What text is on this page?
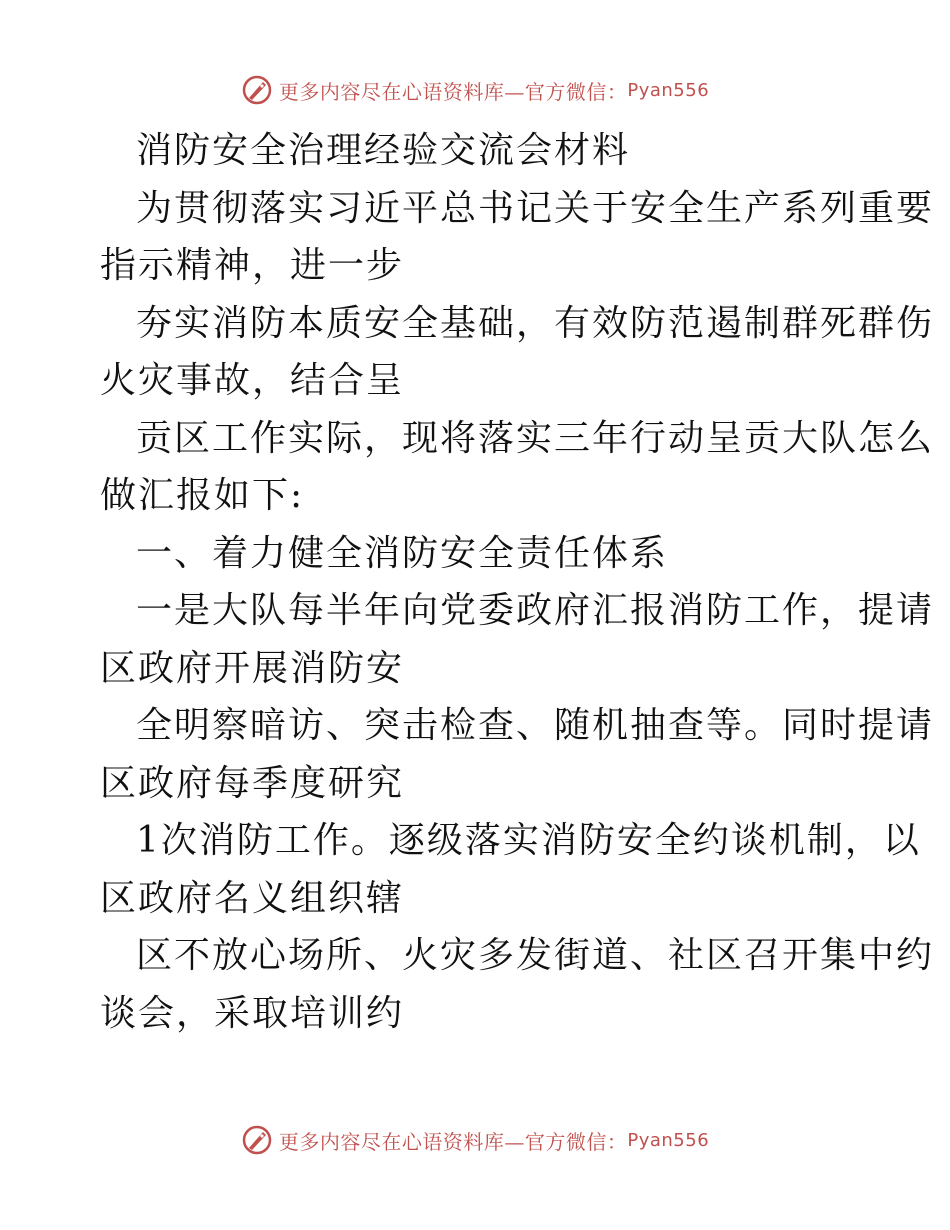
更多内容尽在心语资料库—官方微信： Pyan556
消防安全治理经验交流会材料
为贯彻落实习近平总书记关于安全生产系列重要
指示精神，进一步
夯实消防本质安全基础，有效防范遏制群死群伤
火灾事故，结合呈
贡区工作实际，现将落实三年行动呈贡大队怎么
做汇报如下:
一、着力健全消防安全责任体系
一是大队每半年向党委政府汇报消防工作，提请
区政府开展消防安
全明察暗访、突击检查、随机抽查等。同时提请
区政府每季度研究
1次消防工作。逐级落实消防安全约谈机制，以
区政府名义组织辖
区不放心场所、火灾多发街道、社区召开集中约
谈会，采取培训约
更多内容尽在心语资料库—官方微信： Pyan556
